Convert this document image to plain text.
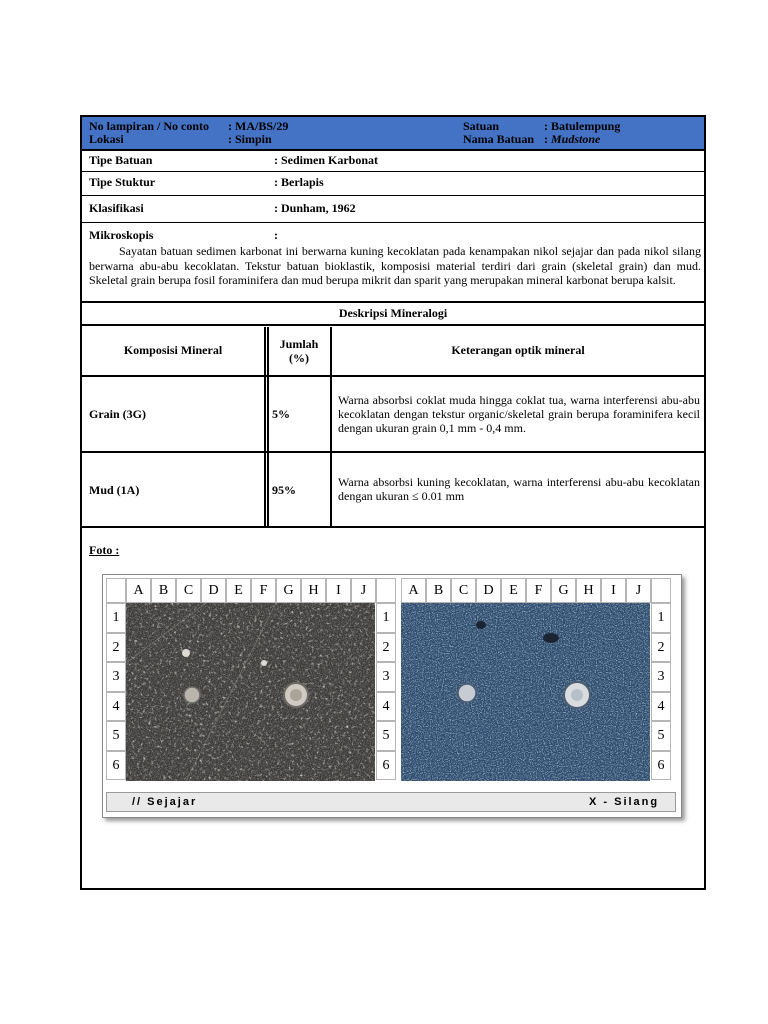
No lampiran / No conto : MA/BS/29
Lokasi	: Simpin
Satuan	: Batulempung
Nama Batuan : Mudstone
Tipe Batuan	: Sedimen Karbonat
Tipe Stuktur	: Berlapis
Klasifikasi	: Dunham, 1962
Mikroskopis	:

Sayatan batuan sedimen karbonat ini berwarna kuning kecoklatan pada kenampakan nikol sejajar dan pada nikol silang berwarna abu-abu kecoklatan. Tekstur batuan bioklastik, komposisi material terdiri dari grain (skeletal grain) dan mud. Skeletal grain berupa fosil foraminifera dan mud berupa mikrit dan sparit yang merupakan mineral karbonat berupa kalsit.

Deskripsi Mineralogi
Komposisi Mineral	Jumlah (%)
Keterangan optik mineral
Grain (3G)	5%
Warna absorbsi coklat muda hingga coklat tua, warna interferensi abu-abu kecoklatan dengan tekstur organic/skeletal grain berupa foraminifera kecil dengan ukuran grain 0,1 mm - 0,4 mm.
Mud (1A)	95%
Warna absorbsi kuning kecoklatan, warna interferensi abu-abu kecoklatan dengan ukuran ≤ 0.01 mm
Foto :
A	B	C	D	E	F	G	H	I	J	A	B	C	D	E	F	G	H	I	J
1
2
3
4
5
6
1
2
3
4
5
6
1
2
3
4
5
6
// Sejajar	X - Silang
